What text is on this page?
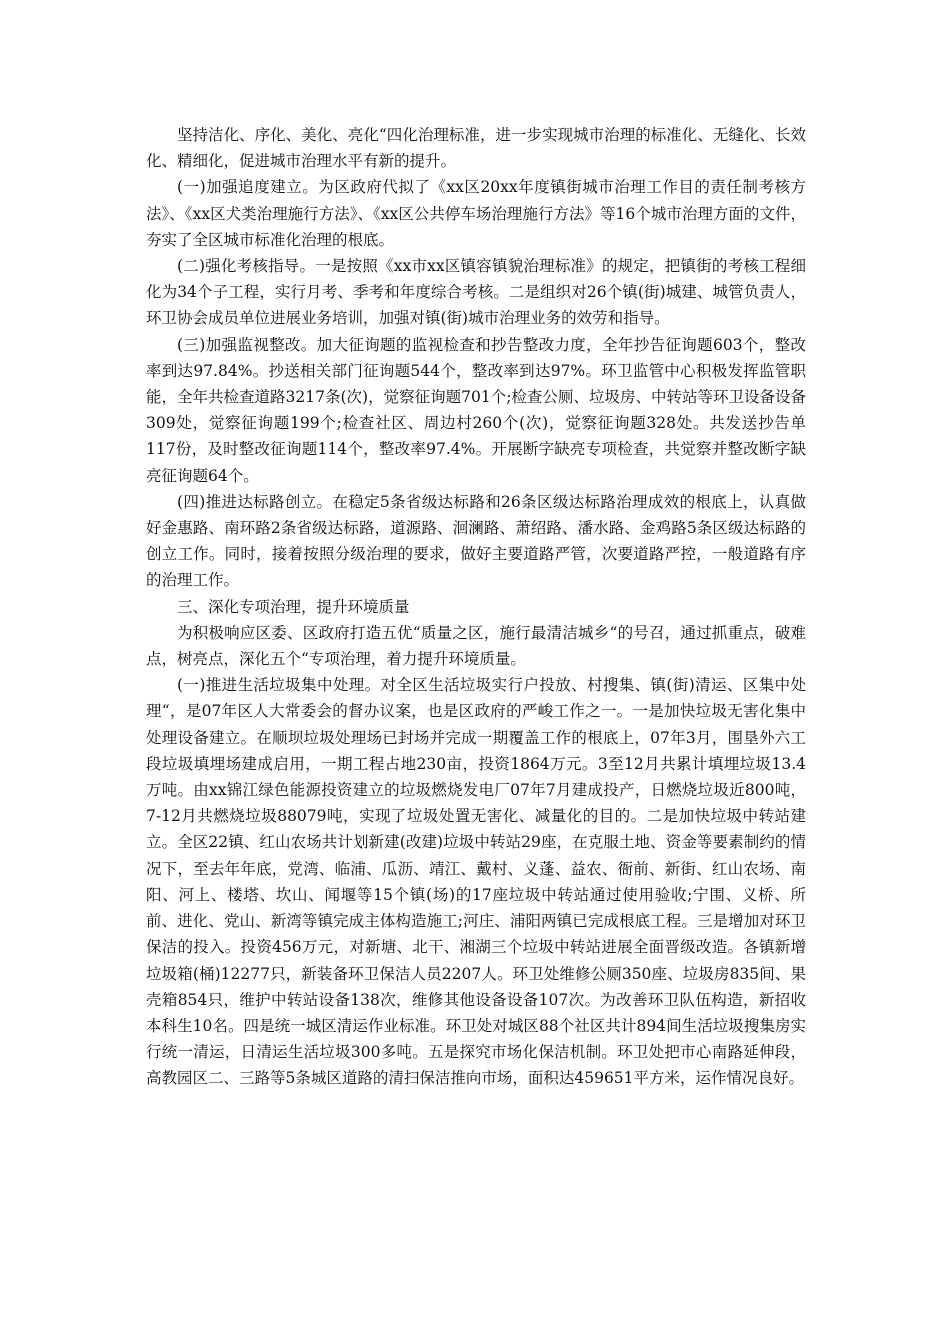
坚持洁化、序化、美化、亮化“四化治理标准，进一步实现城市治理的标准化、无缝化、长效化、精细化，促进城市治理水平有新的提升。

(一)加强追度建立。为区政府代拟了《xx区20xx年度镇街城市治理工作目的责任制考核方法》、《xx区犬类治理施行方法》、《xx区公共停车场治理施行方法》等16个城市治理方面的文件，夯实了全区城市标准化治理的根底。

(二)强化考核指导。一是按照《xx市xx区镇容镇貌治理标准》的规定，把镇街的考核工程细化为34个子工程，实行月考、季考和年度综合考核。二是组织对26个镇(街)城建、城管负责人，环卫协会成员单位进展业务培训，加强对镇(街)城市治理业务的效劳和指导。

(三)加强监视整改。加大征询题的监视检查和抄告整改力度，全年抄告征询题603个，整改率到达97.84%。抄送相关部门征询题544个，整改率到达97%。环卫监管中心积极发挥监管职能，全年共检查道路3217条(次)，觉察征询题701个;检查公厕、垃圾房、中转站等环卫设备设备309处，觉察征询题199个;检查社区、周边村260个(次)，觉察征询题328处。共发送抄告单117份，及时整改征询题114个，整改率97.4%。开展断字缺亮专项检查，共觉察并整改断字缺亮征询题64个。

(四)推进达标路创立。在稳定5条省级达标路和26条区级达标路治理成效的根底上，认真做好金惠路、南环路2条省级达标路，道源路、洄澜路、萧绍路、潘水路、金鸡路5条区级达标路的创立工作。同时，接着按照分级治理的要求，做好主要道路严管，次要道路严控，一般道路有序的治理工作。

三、深化专项治理，提升环境质量

为积极响应区委、区政府打造五优“质量之区，施行最清洁城乡“的号召，通过抓重点，破难点，树亮点，深化五个“专项治理，着力提升环境质量。

(一)推进生活垃圾集中处理。对全区生活垃圾实行户投放、村搜集、镇(街)清运、区集中处理“，是07年区人大常委会的督办议案，也是区政府的严峻工作之一。一是加快垃圾无害化集中处理设备建立。在顺坝垃圾处理场已封场并完成一期覆盖工作的根底上，07年3月，围垦外六工段垃圾填埋场建成启用，一期工程占地230亩，投资1864万元。3至12月共累计填埋垃圾13.4万吨。由xx锦江绿色能源投资建立的垃圾燃烧发电厂07年7月建成投产，日燃烧垃圾近800吨，7-12月共燃烧垃圾88079吨，实现了垃圾处置无害化、减量化的目的。二是加快垃圾中转站建立。全区22镇、红山农场共计划新建(改建)垃圾中转站29座，在克服土地、资金等要素制约的情况下，至去年年底，党湾、临浦、瓜沥、靖江、戴村、义蓬、益农、衙前、新街、红山农场、南阳、河上、楼塔、坎山、闻堰等15个镇(场)的17座垃圾中转站通过使用验收;宁围、义桥、所前、进化、党山、新湾等镇完成主体构造施工;河庄、浦阳两镇已完成根底工程。三是增加对环卫保洁的投入。投资456万元，对新塘、北干、湘湖三个垃圾中转站进展全面晋级改造。各镇新增垃圾箱(桶)12277只，新装备环卫保洁人员2207人。环卫处维修公厕350座、垃圾房835间、果壳箱854只，维护中转站设备138次，维修其他设备设备107次。为改善环卫队伍构造，新招收本科生10名。四是统一城区清运作业标准。环卫处对城区88个社区共计894间生活垃圾搜集房实行统一清运，日清运生活垃圾300多吨。五是探究市场化保洁机制。环卫处把市心南路延伸段，高教园区二、三路等5条城区道路的清扫保洁推向市场，面积达459651平方米，运作情况良好。
